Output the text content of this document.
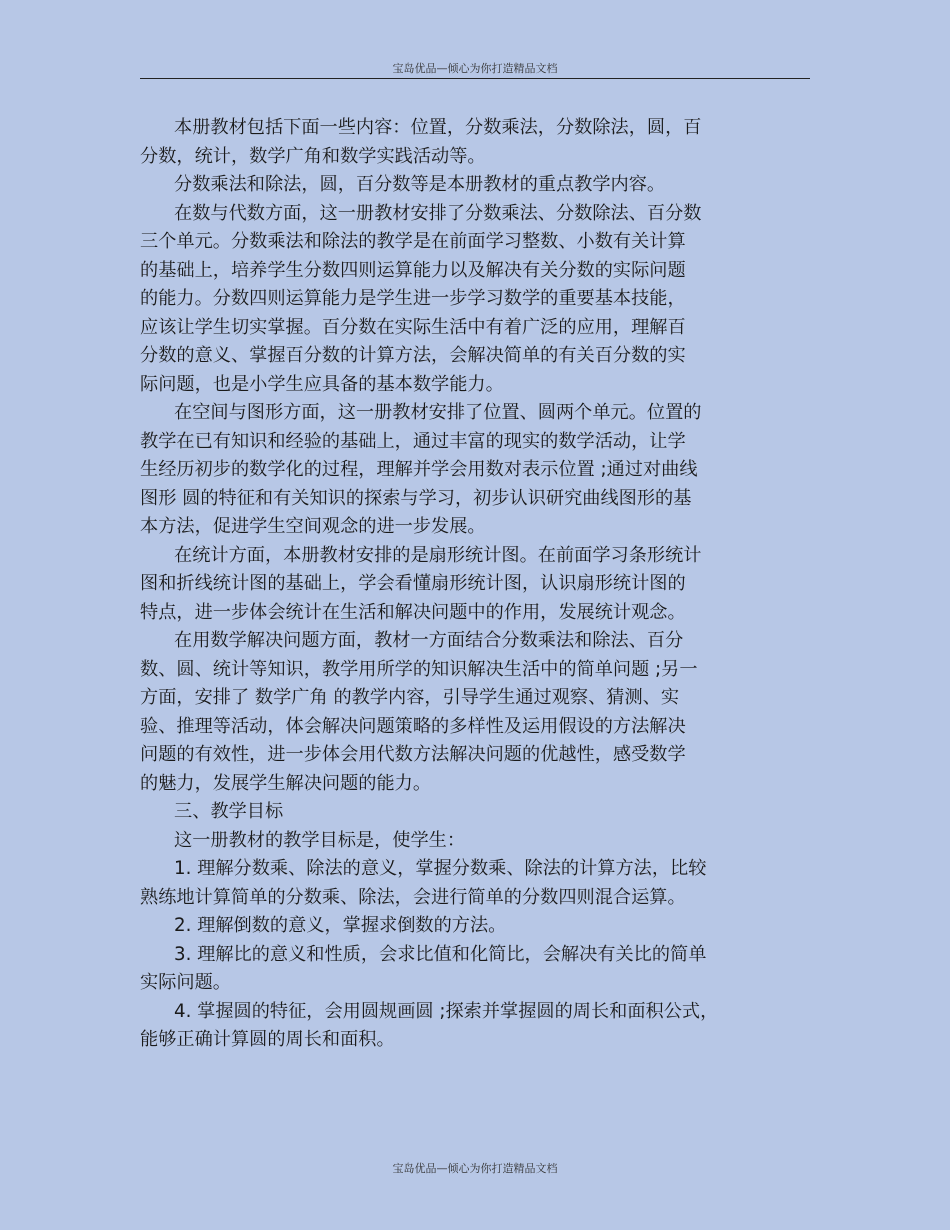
宝岛优品—倾心为你打造精品文档
本册教材包括下面一些内容：位置，分数乘法，分数除法，圆，百
分数，统计，数学广角和数学实践活动等。
分数乘法和除法，圆，百分数等是本册教材的重点教学内容。
在数与代数方面，这一册教材安排了分数乘法、分数除法、百分数
三个单元。分数乘法和除法的教学是在前面学习整数、小数有关计算
的基础上，培养学生分数四则运算能力以及解决有关分数的实际问题
的能力。分数四则运算能力是学生进一步学习数学的重要基本技能，
应该让学生切实掌握。百分数在实际生活中有着广泛的应用，理解百
分数的意义、掌握百分数的计算方法，会解决简单的有关百分数的实
际问题，也是小学生应具备的基本数学能力。
在空间与图形方面，这一册教材安排了位置、圆两个单元。位置的
教学在已有知识和经验的基础上，通过丰富的现实的数学活动，让学
生经历初步的数学化的过程，理解并学会用数对表示位置 ;通过对曲线
图形 圆的特征和有关知识的探索与学习，初步认识研究曲线图形的基
本方法，促进学生空间观念的进一步发展。
在统计方面，本册教材安排的是扇形统计图。在前面学习条形统计
图和折线统计图的基础上，学会看懂扇形统计图，认识扇形统计图的
特点，进一步体会统计在生活和解决问题中的作用，发展统计观念。
在用数学解决问题方面，教材一方面结合分数乘法和除法、百分
数、圆、统计等知识，教学用所学的知识解决生活中的简单问题 ;另一
方面，安排了 数学广角 的教学内容，引导学生通过观察、猜测、实
验、推理等活动，体会解决问题策略的多样性及运用假设的方法解决
问题的有效性，进一步体会用代数方法解决问题的优越性，感受数学
的魅力，发展学生解决问题的能力。
三、教学目标
这一册教材的教学目标是，使学生：
1. 理解分数乘、除法的意义，掌握分数乘、除法的计算方法，比较
熟练地计算简单的分数乘、除法，会进行简单的分数四则混合运算。
2. 理解倒数的意义，掌握求倒数的方法。
3. 理解比的意义和性质，会求比值和化简比，会解决有关比的简单
实际问题。
4. 掌握圆的特征，会用圆规画圆 ;探索并掌握圆的周长和面积公式，
能够正确计算圆的周长和面积。
宝岛优品—倾心为你打造精品文档
